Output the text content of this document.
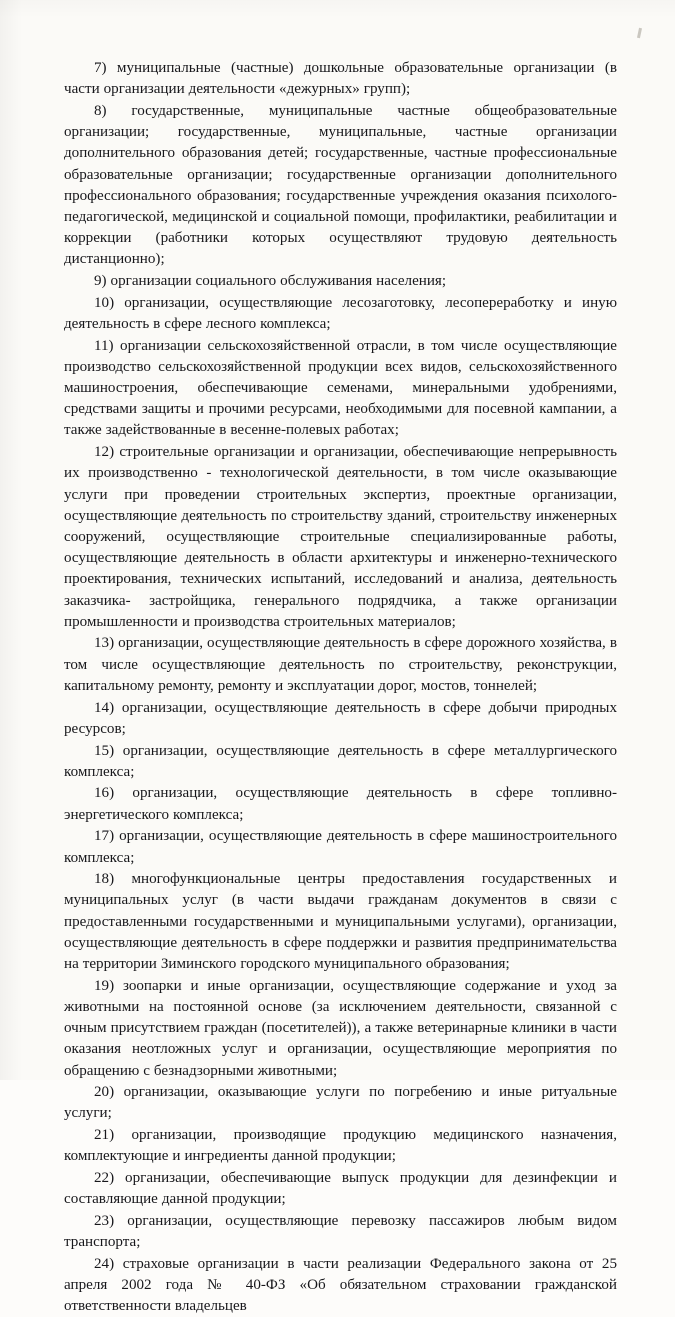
7) муниципальные (частные) дошкольные образовательные организации (в части организации деятельности «дежурных» групп);

8) государственные, муниципальные частные общеобразовательные организации; государственные, муниципальные, частные организации дополнительного образования детей; государственные, частные профессиональные образовательные организации; государственные организации дополнительного профессионального образования; государственные учреждения оказания психолого-педагогической, медицинской и социальной помощи, профилактики, реабилитации и коррекции (работники которых осуществляют трудовую деятельность дистанционно);

9) организации социального обслуживания населения;

10) организации, осуществляющие лесозаготовку, лесопереработку и иную деятельность в сфере лесного комплекса;

11) организации сельскохозяйственной отрасли, в том числе осуществляющие производство сельскохозяйственной продукции всех видов, сельскохозяйственного машиностроения, обеспечивающие семенами, минеральными удобрениями, средствами защиты и прочими ресурсами, необходимыми для посевной кампании, а также задействованные в весенне-полевых работах;

12) строительные организации и организации, обеспечивающие непрерывность их производственно - технологической деятельности, в том числе оказывающие услуги при проведении строительных экспертиз, проектные организации, осуществляющие деятельность по строительству зданий, строительству инженерных сооружений, осуществляющие строительные специализированные работы, осуществляющие деятельность в области архитектуры и инженерно-технического проектирования, технических испытаний, исследований и анализа, деятельность заказчика- застройщика, генерального подрядчика, а также организации промышленности и производства строительных материалов;

13) организации, осуществляющие деятельность в сфере дорожного хозяйства, в том числе осуществляющие деятельность по строительству, реконструкции, капитальному ремонту, ремонту и эксплуатации дорог, мостов, тоннелей;

14) организации, осуществляющие деятельность в сфере добычи природных ресурсов;

15) организации, осуществляющие деятельность в сфере металлургического комплекса;

16) организации, осуществляющие деятельность в сфере топливно-энергетического комплекса;

17) организации, осуществляющие деятельность в сфере машиностроительного комплекса;

18) многофункциональные центры предоставления государственных и муниципальных услуг (в части выдачи гражданам документов в связи с предоставленными государственными и муниципальными услугами), организации, осуществляющие деятельность в сфере поддержки и развития предпринимательства на территории Зиминского городского муниципального образования;

19) зоопарки и иные организации, осуществляющие содержание и уход за животными на постоянной основе (за исключением деятельности, связанной с очным присутствием граждан (посетителей)), а также ветеринарные клиники в части оказания неотложных услуг и организации, осуществляющие мероприятия по обращению с безнадзорными животными;

20) организации, оказывающие услуги по погребению и иные ритуальные услуги;

21) организации, производящие продукцию медицинского назначения, комплектующие и ингредиенты данной продукции;

22) организации, обеспечивающие выпуск продукции для дезинфекции и составляющие данной продукции;

23) организации, осуществляющие перевозку пассажиров любым видом транспорта;

24) страховые организации в части реализации Федерального закона от 25 апреля 2002 года № 40-ФЗ «Об обязательном страховании гражданской ответственности владельцев
